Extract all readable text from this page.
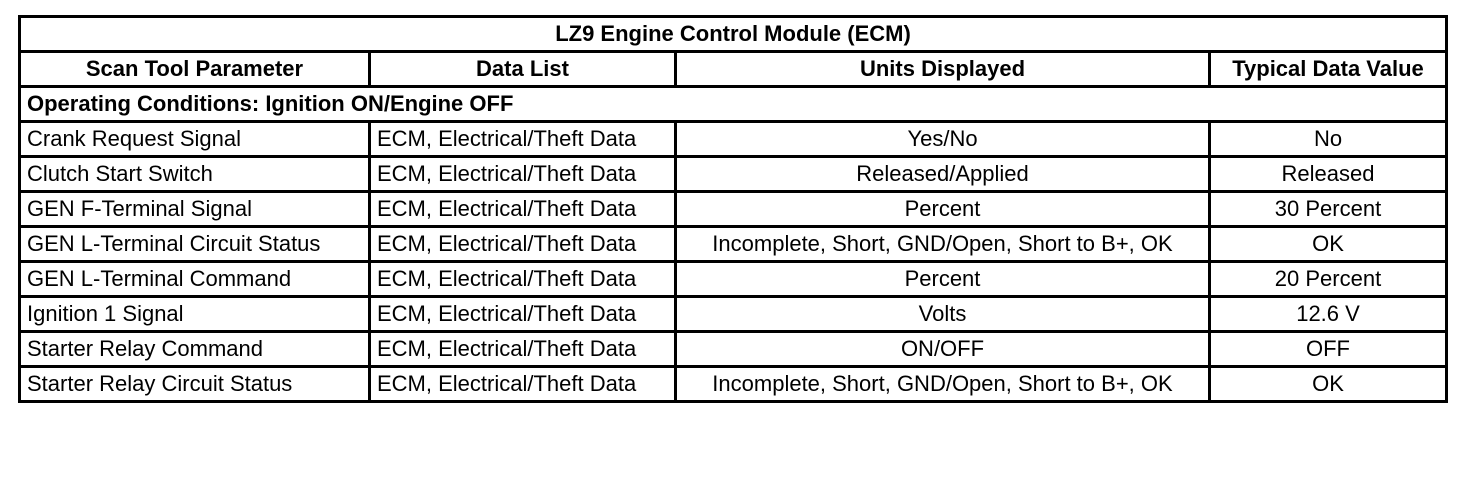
LZ9 Engine Control Module (ECM)			
Scan Tool Parameter	Data List	Units Displayed	Typical Data Value
Operating Conditions: Ignition ON/Engine OFF			
Crank Request Signal	ECM, Electrical/Theft Data	Yes/No	No
Clutch Start Switch	ECM, Electrical/Theft Data	Released/Applied	Released
GEN F-Terminal Signal	ECM, Electrical/Theft Data	Percent	30 Percent
GEN L-Terminal Circuit Status	ECM, Electrical/Theft Data	Incomplete, Short, GND/Open, Short to B+, OK	OK
GEN L-Terminal Command	ECM, Electrical/Theft Data	Percent	20 Percent
Ignition 1 Signal	ECM, Electrical/Theft Data	Volts	12.6 V
Starter Relay Command	ECM, Electrical/Theft Data	ON/OFF	OFF
Starter Relay Circuit Status	ECM, Electrical/Theft Data	Incomplete, Short, GND/Open, Short to B+, OK	OK
